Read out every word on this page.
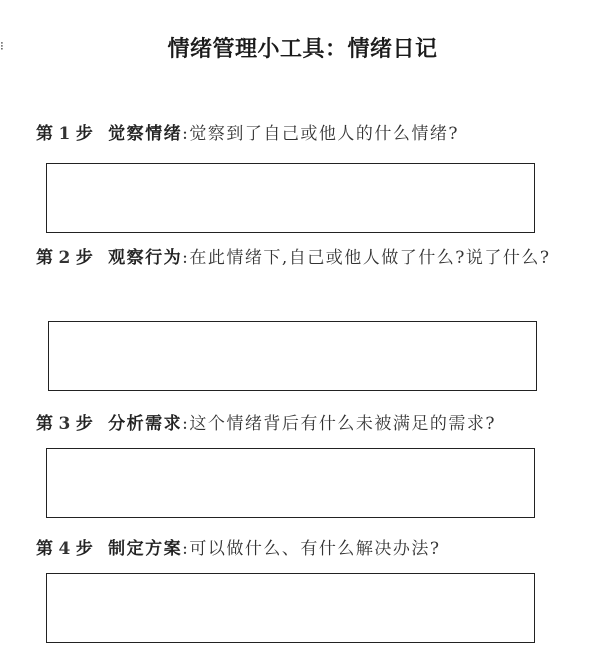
⁝	情绪管理小工具：情绪日记

第 1 步 觉察情绪:觉察到了自己或他人的什么情绪?

第 2 步 观察行为:在此情绪下,自己或他人做了什么?说了什么?

第 3 步 分析需求:这个情绪背后有什么未被满足的需求?

第 4 步 制定方案:可以做什么、有什么解决办法?
